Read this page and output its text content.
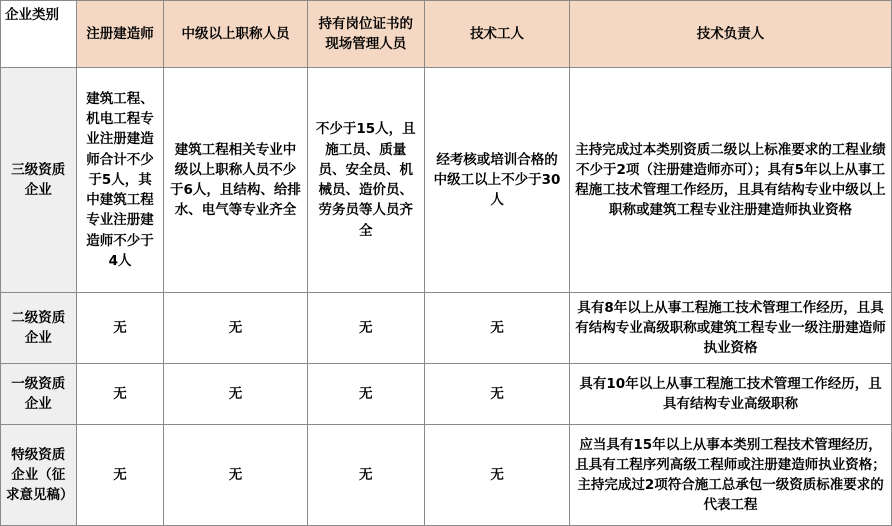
企业类别	注册建造师	中级以上职称人员	持有岗位证书的现场管理人员	技术工人	技术负责人
三级资质企业	建筑工程、机电工程专业注册建造师合计不少于5人，其中建筑工程专业注册建造师不少于4人	建筑工程相关专业中级以上职称人员不少于6人，且结构、给排水、电气等专业齐全	不少于15人，且施工员、质量员、安全员、机械员、造价员、劳务员等人员齐全	经考核或培训合格的中级工以上不少于30人	主持完成过本类别资质二级以上标准要求的工程业绩不少于2项（注册建造师亦可）；具有5年以上从事工程施工技术管理工作经历，且具有结构专业中级以上职称或建筑工程专业注册建造师执业资格
二级资质企业	无	无	无	无	具有8年以上从事工程施工技术管理工作经历，且具有结构专业高级职称或建筑工程专业一级注册建造师执业资格
一级资质企业	无	无	无	无	具有10年以上从事工程施工技术管理工作经历，且具有结构专业高级职称
特级资质企业（征求意见稿）	无	无	无	无	应当具有15年以上从事本类别工程技术管理经历，且具有工程序列高级工程师或注册建造师执业资格；主持完成过2项符合施工总承包一级资质标准要求的代表工程
